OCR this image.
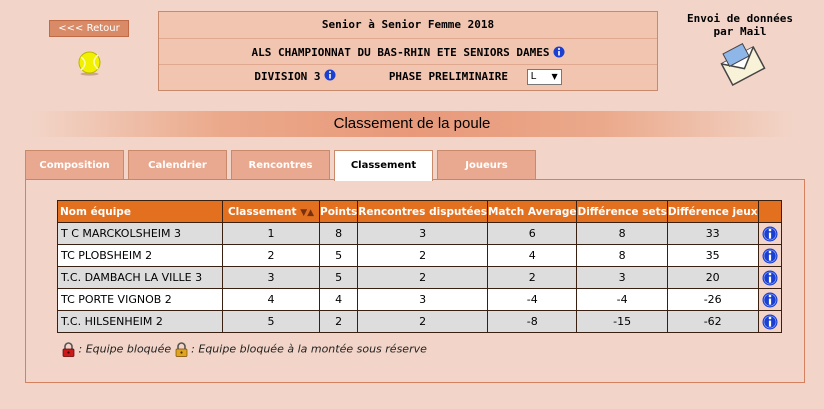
<<< Retour	Senior à Senior Femme 2018
ALS CHAMPIONNAT DU BAS-RHIN ETE SENIORS DAMES
DIVISION 3	PHASE PRELIMINAIRE L ▼
Envoi de données
par Mail
Classement de la poule
Composition	Calendrier	Rencontres	Classement	Joueurs
Nom équipe	Classement ▼▲	Points	Rencontres disputées	Match Average	Différence sets	Différence jeux	
T C MARCKOLSHEIM 3	1	8	3	6	8	33	

TC PLOBSHEIM 2	2	5	2	4	8	35	

T.C. DAMBACH LA VILLE 3	3	5	2	2	3	20	

TC PORTE VIGNOB 2	4	4	3	-4	-4	-26	

T.C. HILSENHEIM 2	5	2	2	-8	-15	-62	
: Equipe bloquée : Equipe bloquée à la montée sous réserve
